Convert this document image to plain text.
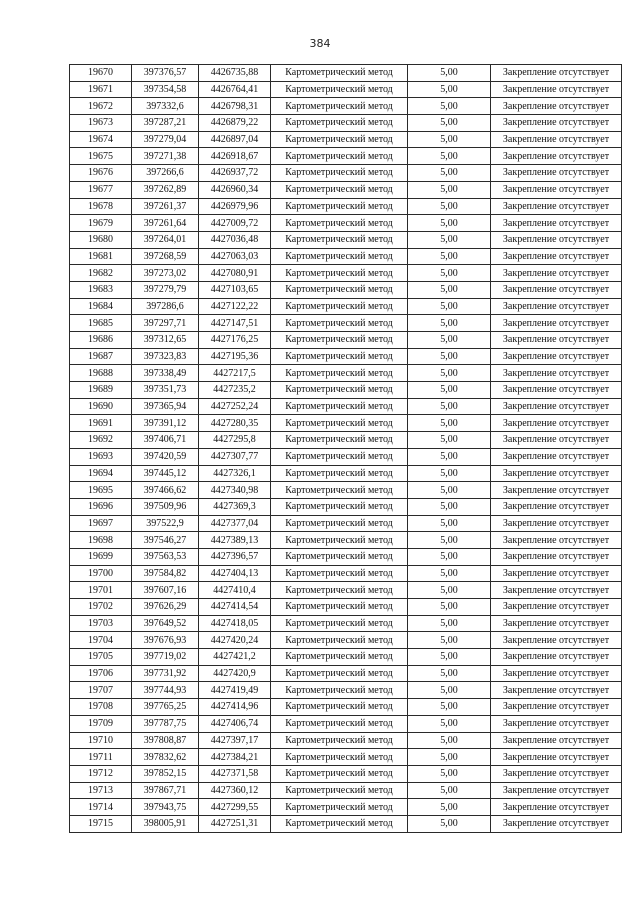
384
19670	397376,57	4426735,88	Картометрический метод	5,00	Закрепление отсутствует
19671	397354,58	4426764,41	Картометрический метод	5,00	Закрепление отсутствует
19672	397332,6	4426798,31	Картометрический метод	5,00	Закрепление отсутствует
19673	397287,21	4426879,22	Картометрический метод	5,00	Закрепление отсутствует
19674	397279,04	4426897,04	Картометрический метод	5,00	Закрепление отсутствует
19675	397271,38	4426918,67	Картометрический метод	5,00	Закрепление отсутствует
19676	397266,6	4426937,72	Картометрический метод	5,00	Закрепление отсутствует
19677	397262,89	4426960,34	Картометрический метод	5,00	Закрепление отсутствует
19678	397261,37	4426979,96	Картометрический метод	5,00	Закрепление отсутствует
19679	397261,64	4427009,72	Картометрический метод	5,00	Закрепление отсутствует
19680	397264,01	4427036,48	Картометрический метод	5,00	Закрепление отсутствует
19681	397268,59	4427063,03	Картометрический метод	5,00	Закрепление отсутствует
19682	397273,02	4427080,91	Картометрический метод	5,00	Закрепление отсутствует
19683	397279,79	4427103,65	Картометрический метод	5,00	Закрепление отсутствует
19684	397286,6	4427122,22	Картометрический метод	5,00	Закрепление отсутствует
19685	397297,71	4427147,51	Картометрический метод	5,00	Закрепление отсутствует
19686	397312,65	4427176,25	Картометрический метод	5,00	Закрепление отсутствует
19687	397323,83	4427195,36	Картометрический метод	5,00	Закрепление отсутствует
19688	397338,49	4427217,5	Картометрический метод	5,00	Закрепление отсутствует
19689	397351,73	4427235,2	Картометрический метод	5,00	Закрепление отсутствует
19690	397365,94	4427252,24	Картометрический метод	5,00	Закрепление отсутствует
19691	397391,12	4427280,35	Картометрический метод	5,00	Закрепление отсутствует
19692	397406,71	4427295,8	Картометрический метод	5,00	Закрепление отсутствует
19693	397420,59	4427307,77	Картометрический метод	5,00	Закрепление отсутствует
19694	397445,12	4427326,1	Картометрический метод	5,00	Закрепление отсутствует
19695	397466,62	4427340,98	Картометрический метод	5,00	Закрепление отсутствует
19696	397509,96	4427369,3	Картометрический метод	5,00	Закрепление отсутствует
19697	397522,9	4427377,04	Картометрический метод	5,00	Закрепление отсутствует
19698	397546,27	4427389,13	Картометрический метод	5,00	Закрепление отсутствует
19699	397563,53	4427396,57	Картометрический метод	5,00	Закрепление отсутствует
19700	397584,82	4427404,13	Картометрический метод	5,00	Закрепление отсутствует
19701	397607,16	4427410,4	Картометрический метод	5,00	Закрепление отсутствует
19702	397626,29	4427414,54	Картометрический метод	5,00	Закрепление отсутствует
19703	397649,52	4427418,05	Картометрический метод	5,00	Закрепление отсутствует
19704	397676,93	4427420,24	Картометрический метод	5,00	Закрепление отсутствует
19705	397719,02	4427421,2	Картометрический метод	5,00	Закрепление отсутствует
19706	397731,92	4427420,9	Картометрический метод	5,00	Закрепление отсутствует
19707	397744,93	4427419,49	Картометрический метод	5,00	Закрепление отсутствует
19708	397765,25	4427414,96	Картометрический метод	5,00	Закрепление отсутствует
19709	397787,75	4427406,74	Картометрический метод	5,00	Закрепление отсутствует
19710	397808,87	4427397,17	Картометрический метод	5,00	Закрепление отсутствует
19711	397832,62	4427384,21	Картометрический метод	5,00	Закрепление отсутствует
19712	397852,15	4427371,58	Картометрический метод	5,00	Закрепление отсутствует
19713	397867,71	4427360,12	Картометрический метод	5,00	Закрепление отсутствует
19714	397943,75	4427299,55	Картометрический метод	5,00	Закрепление отсутствует
19715	398005,91	4427251,31	Картометрический метод	5,00	Закрепление отсутствует
